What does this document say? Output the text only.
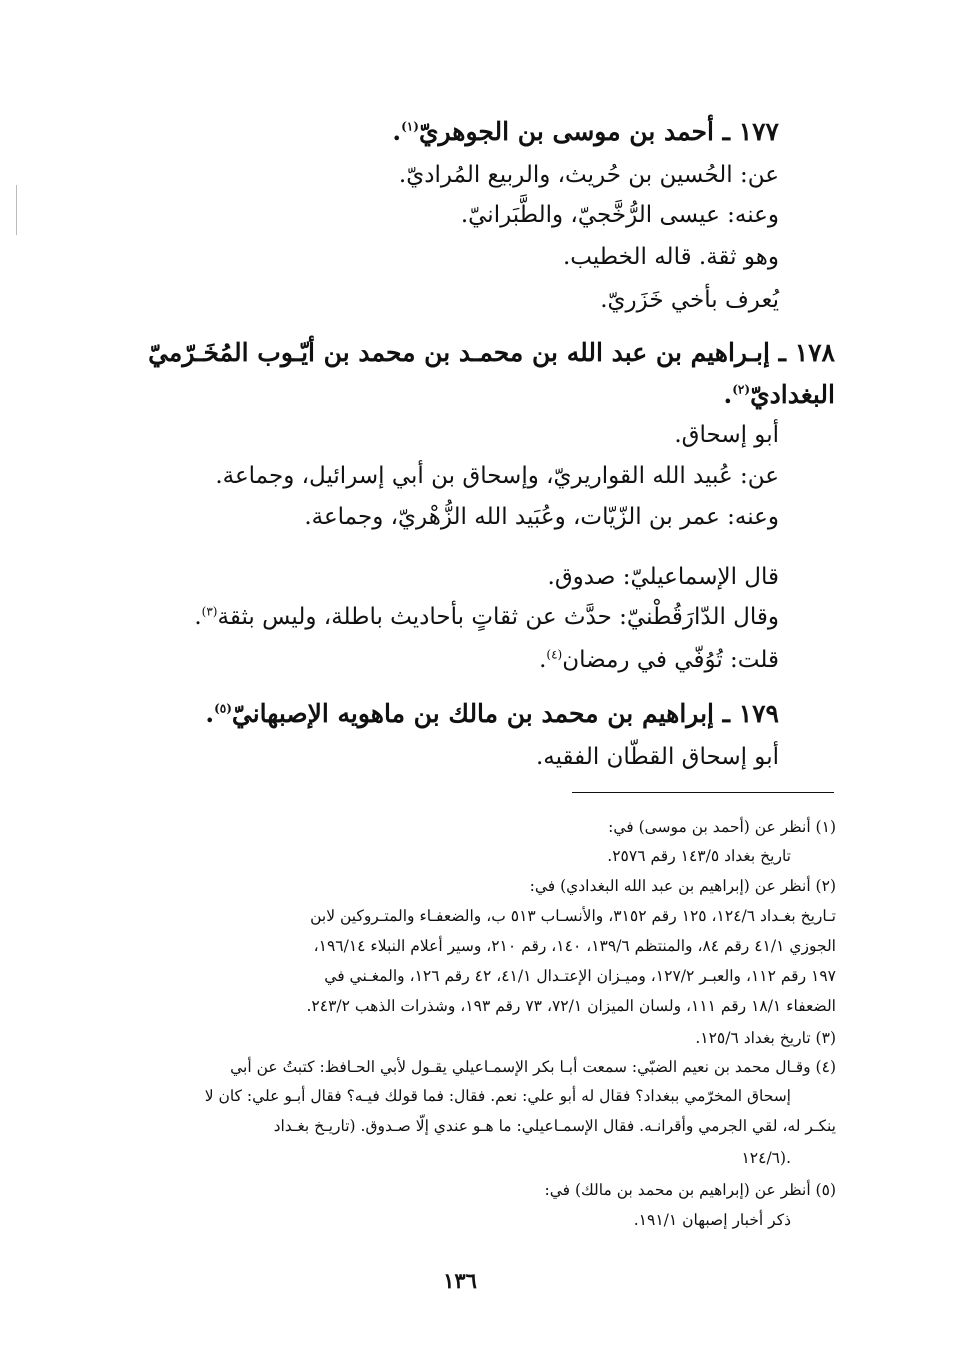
١٧٧ ـ أحمد بن موسى بن الجوهريّ$^{(١)}$.
عن: الحُسين بن حُريث، والربيع المُراديّ.
وعنه: عيسى الرُّخَّجيّ، والطَّبَرانيّ.
وهو ثقة. قاله الخطيب.
يُعرف بأخي خَزَريّ.
١٧٨ ـ إبـراهيم بن عبد الله بن محمـد بن محمد بن أيّـوب المُخَـرّميّ
البغداديّ$^{(٢)}$.
أبو إسحاق.
عن: عُبيد الله القواريريّ، وإسحاق بن أبي إسرائيل، وجماعة.
وعنه: عمر بن الزّيّات، وعُبَيد الله الزُّهْريّ، وجماعة.
قال الإسماعيليّ: صدوق.
وقال الدّارَقُطْنيّ: حدَّث عن ثقاتٍ بأحاديث باطلة، وليس بثقة$^{(٣)}$.
قلت: تُوُفّي في رمضان$^{(٤)}$.
١٧٩ ـ إبراهيم بن محمد بن مالك بن ماهويه الإصبهانيّ$^{(٥)}$.
أبو إسحاق القطّان الفقيه.
(١) أنظر عن (أحمد بن موسى) في:
تاريخ بغداد ١٤٣/٥ رقم ٢٥٧٦.
(٢) أنظر عن (إبراهيم بن عبد الله البغدادي) في:
تـاريخ بغـداد ١٢٤/٦، ١٢٥ رقم ٣١٥٢، والأنسـاب ٥١٣ ب، والضعفـاء والمتـروكين لابن
الجوزي ٤١/١ رقم ٨٤، والمنتظم ١٣٩/٦، ١٤٠، رقم ٢١٠، وسير أعلام النبلاء ١٩٦/١٤،
١٩٧ رقم ١١٢، والعبـر ١٢٧/٢، وميـزان الإعتـدال ٤١/١، ٤٢ رقم ١٢٦، والمغـني في
الضعفاء ١٨/١ رقم ١١١، ولسان الميزان ٧٢/١، ٧٣ رقم ١٩٣، وشذرات الذهب ٢٤٣/٢.
(٣) تاريخ بغداد ١٢٥/٦.
(٤) وقـال محمد بن نعيم الضبّي: سمعت أبـا بكر الإسمـاعيلي يقـول لأبي الحـافظ: كتبتُ عن أبي
إسحاق المخرّمي ببغداد؟ فقال له أبو علي: نعم. فقال: فما قولك فيـه؟ فقال أبـو علي: كان لا
ينكـر له، لقي الجرمي وأقرانـه. فقال الإسمـاعيلي: ما هـو عندي إلّا صـدوق. (تاريـخ بغـداد
١٢٤/٦).
(٥) أنظر عن (إبراهيم بن محمد بن مالك) في:
ذكر أخبار إصبهان ١٩١/١.
١٣٦
